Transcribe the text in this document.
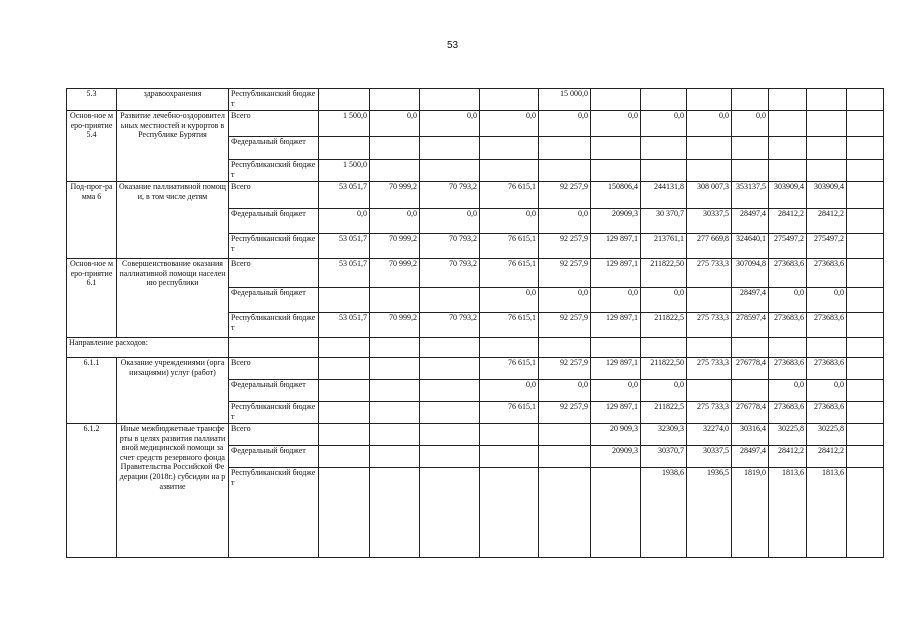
53
5.3	здравоохранения	Республиканский бюджет					15 000,0							
Основ-ное меро-приятие 5.4	Развитие лечебно-оздоровительных местностей и курортов в Республике Бурятия	Всего	1 500,0	0,0	0,0	0,0	0,0	0,0	0,0	0,0	0,0			
		Федеральный бюджет												
		Республиканский бюджет	1 500,0											
Под-прог-рамма 6	Оказание паллиативной помощи, в том числе детям	Всего	53 051,7	70 999,2	70 793,2	76 615,1	92 257,9	150806,4	244131,8	308 007,3	353137,5	303909,4	303909,4	
		Федеральный бюджет	0,0	0,0	0,0	0,0	0,0	20909,3	30 370,7	30337,5	28497,4	28412,2	28412,2	
		Республиканский бюджет	53 051,7	70 999,2	70 793,2	76 615,1	92 257,9	129 897,1	213761,1	277 669,8	324640,1	275497,2	275497,2	
Основ-ное меро-приятие 6.1	Совершенствование оказания паллиативной помощи населению республики	Всего	53 051,7	70 999,2	70 793,2	76 615,1	92 257,9	129 897,1	211822,50	275 733,3	307094,8	273683,6	273683,6	
		Федеральный бюджет				0,0	0,0	0,0	0,0		28497,4	0,0	0,0	
		Республиканский бюджет	53 051,7	70 999,2	70 793,2	76 615,1	92 257,9	129 897,1	211822,5	275 733,3	278597,4	273683,6	273683,6	
Направление расходов:														
6.1.1	Оказание учреждениями (организациями) услуг (работ)	Всего				76 615,1	92 257,9	129 897,1	211822,50	275 733,3	276778,4	273683,6	273683,6	
		Федеральный бюджет				0,0	0,0	0,0	0,0			0,0	0,0	
		Республиканский бюджет				76 615,1	92 257,9	129 897,1	211822,5	275 733,3	276778,4	273683,6	273683,6	
6.1.2	Иные межбюджетные трансферты в целях развития паллиативной медицинской помощи за счет средств резервного фонда Правительства Российской Федерации (2018г.) субсидии на развитие	Всего						20 909,3	32309,3	32274,0	30316,4	30225,8	30225,8	
		Федеральный бюджет						20909,3	30370,7	30337,5	28497,4	28412,2	28412,2	
		Республиканский бюджет							1938,6	1936,5	1819,0	1813,6	1813,6	
